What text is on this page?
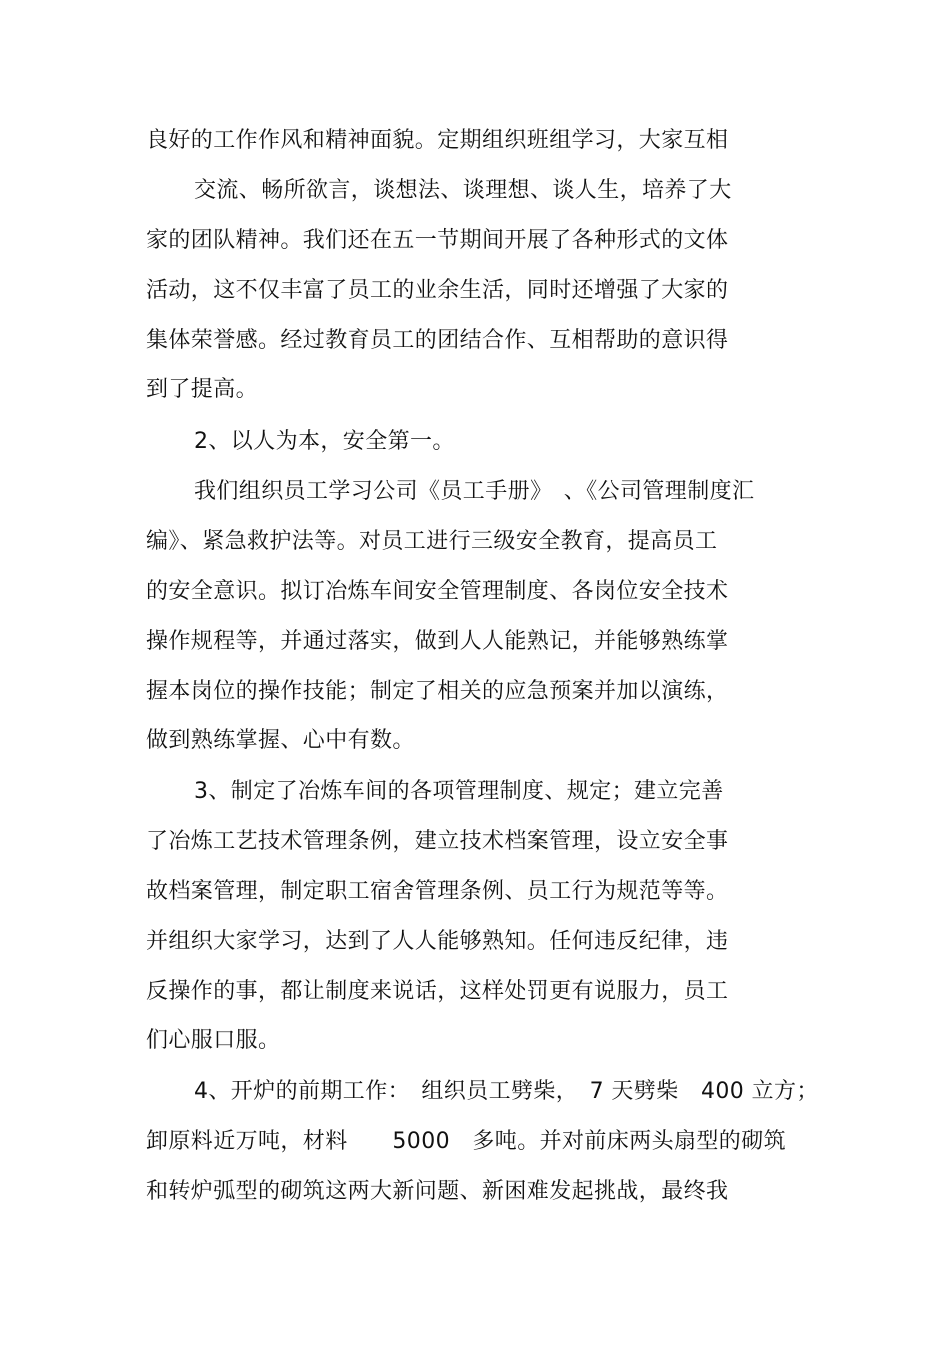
良好的工作作风和精神面貌。定期组织班组学习，大家互相
交流、畅所欲言，谈想法、谈理想、谈人生，培养了大
家的团队精神。我们还在五一节期间开展了各种形式的文体
活动，这不仅丰富了员工的业余生活，同时还增强了大家的
集体荣誉感。经过教育员工的团结合作、互相帮助的意识得
到了提高。
2、以人为本，安全第一。
我们组织员工学习公司《员工手册》　、《公司管理制度汇
编》、紧急救护法等。对员工进行三级安全教育，提高员工
的安全意识。拟订冶炼车间安全管理制度、各岗位安全技术
操作规程等，并通过落实，做到人人能熟记，并能够熟练掌
握本岗位的操作技能；制定了相关的应急预案并加以演练，
做到熟练掌握、心中有数。
3、制定了冶炼车间的各项管理制度、规定；建立完善
了冶炼工艺技术管理条例，建立技术档案管理，设立安全事
故档案管理，制定职工宿舍管理条例、员工行为规范等等。
并组织大家学习，达到了人人能够熟知。任何违反纪律，违
反操作的事，都让制度来说话，这样处罚更有说服力，员工
们心服口服。
4、开炉的前期工作：　组织员工劈柴，　7 天劈柴　400 立方；
卸原料近万吨，材料　　5000　多吨。并对前床两头扇型的砌筑
和转炉弧型的砌筑这两大新问题、新困难发起挑战，最终我
